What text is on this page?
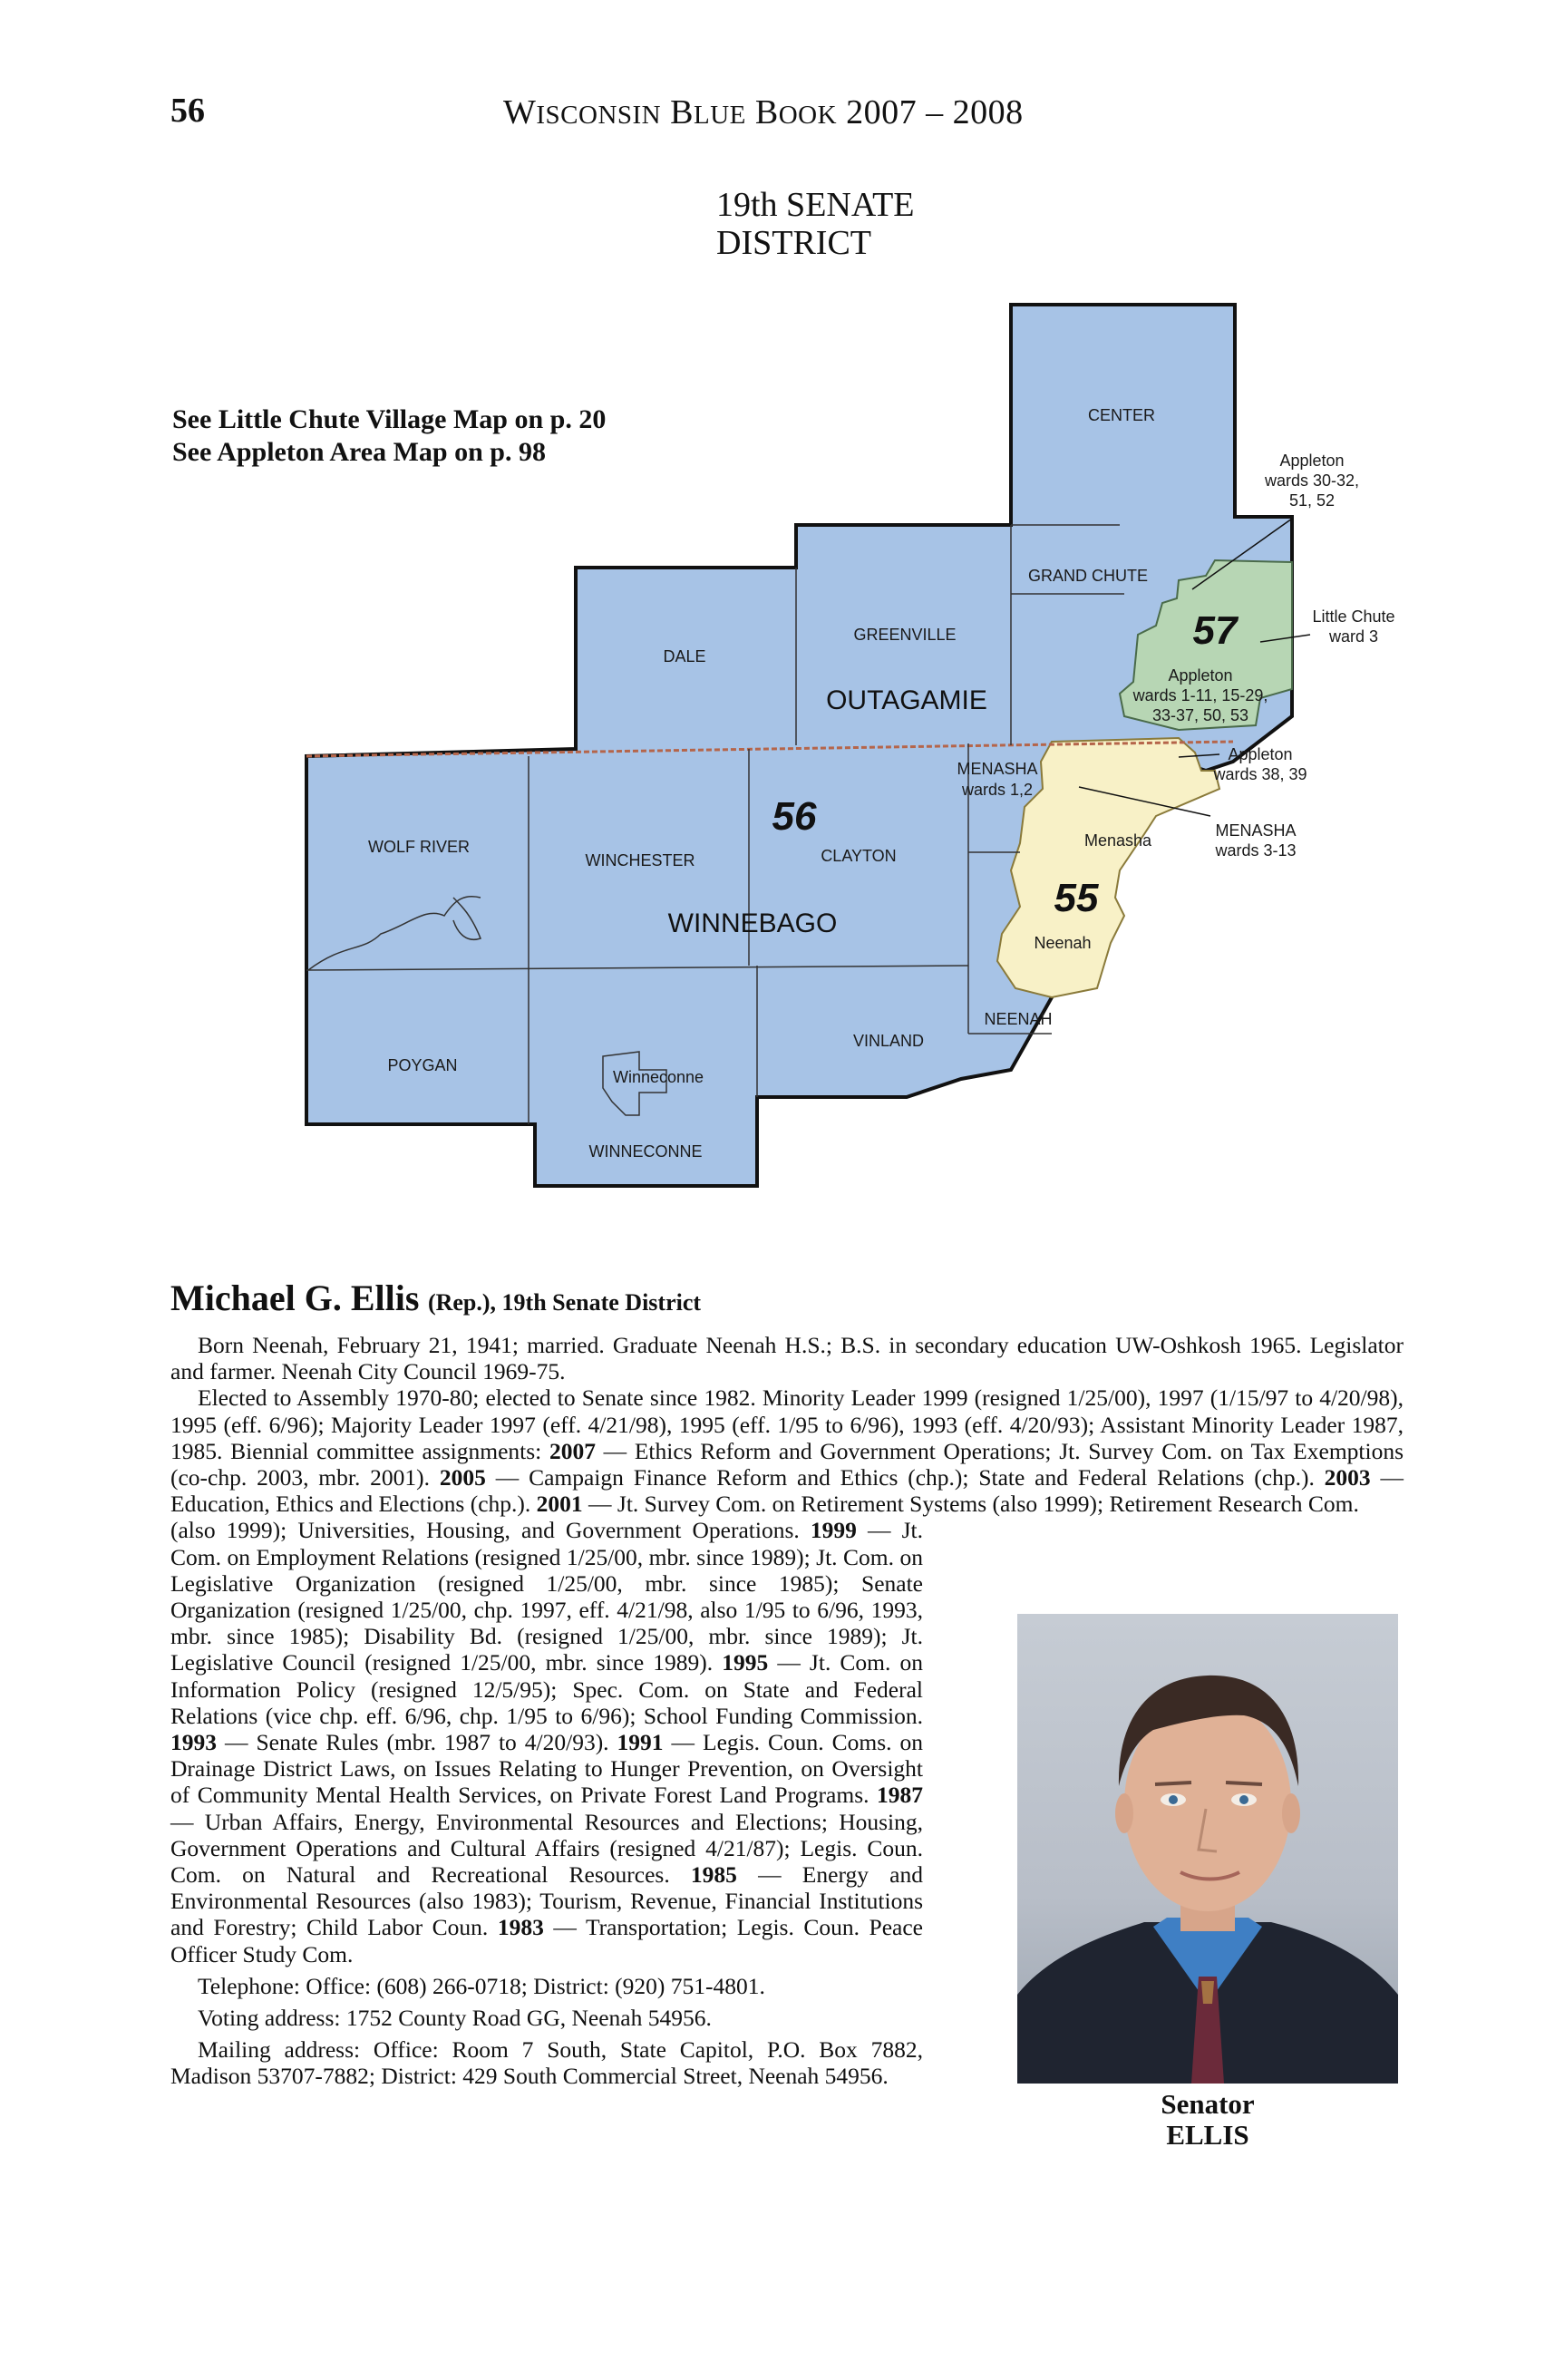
56	WISCONSIN BLUE BOOK 2007 – 2008
19th SENATE
DISTRICT
See Little Chute Village Map on p. 20
See Appleton Area Map on p. 98
CENTER
GRAND CHUTE
GREENVILLE
DALE
MENASHA
wards 1,2
WOLF RIVER
WINCHESTER	CLAYTON
POYGAN
VINLAND
NEENAH
WINNECONNE
Menasha
Neenah
Winneconne
Appleton wards 30-32, 51, 52
Little Chute ward 3
Appleton wards 1-11, 15-29, 33-37, 50, 53
Appleton wards 38, 39
MENASHA wards 3-13
OUTAGAMIE
WINNEBAGO
56
57
55
Michael G. Ellis (Rep.), 19th Senate District

Born Neenah, February 21, 1941; married. Graduate Neenah H.S.; B.S. in secondary education UW-Oshkosh 1965. Legislator and farmer. Neenah City Council 1969-75.

Elected to Assembly 1970-80; elected to Senate since 1982. Minority Leader 1999 (resigned 1/25/00), 1997 (1/15/97 to 4/20/98), 1995 (eff. 6/96); Majority Leader 1997 (eff. 4/21/98), 1995 (eff. 1/95 to 6/96), 1993 (eff. 4/20/93); Assistant Minority Leader 1987, 1985. Biennial committee assignments: 2007 — Ethics Reform and Government Operations; Jt. Survey Com. on Tax Exemptions (co-chp. 2003, mbr. 2001). 2005 — Campaign Finance Reform and Ethics (chp.); State and Federal Relations (chp.). 2003 — Education, Ethics and Elections (chp.). 2001 — Jt. Survey Com. on Retirement Systems (also 1999); Retirement Research Com.

(also 1999); Universities, Housing, and Government Operations. 1999 — Jt. Com. on Employment Relations (resigned 1/25/00, mbr. since 1989); Jt. Com. on Legislative Organization (resigned 1/25/00, mbr. since 1985); Senate Organization (resigned 1/25/00, chp. 1997, eff. 4/21/98, also 1/95 to 6/96, 1993, mbr. since 1985); Disability Bd. (resigned 1/25/00, mbr. since 1989); Jt. Legislative Council (resigned 1/25/00, mbr. since 1989). 1995 — Jt. Com. on Information Policy (resigned 12/5/95); Spec. Com. on State and Federal Relations (vice chp. eff. 6/96, chp. 1/95 to 6/96); School Funding Commission. 1993 — Senate Rules (mbr. 1987 to 4/20/93). 1991 — Legis. Coun. Coms. on Drainage District Laws, on Issues Relating to Hunger Prevention, on Oversight of Community Mental Health Services, on Private Forest Land Programs. 1987 — Urban Affairs, Energy, Environmental Resources and Elections; Housing, Government Operations and Cultural Affairs (resigned 4/21/87); Legis. Coun. Com. on Natural and Recreational Resources. 1985 — Energy and Environmental Resources (also 1983); Tourism, Revenue, Financial Institutions and Forestry; Child Labor Coun. 1983 — Transportation; Legis. Coun. Peace Officer Study Com.

Telephone: Office: (608) 266-0718; District: (920) 751-4801.

Voting address: 1752 County Road GG, Neenah 54956.

Mailing address: Office: Room 7 South, State Capitol, P.O. Box 7882, Madison 53707-7882; District: 429 South Commercial Street, Neenah 54956.

Senator
ELLIS
